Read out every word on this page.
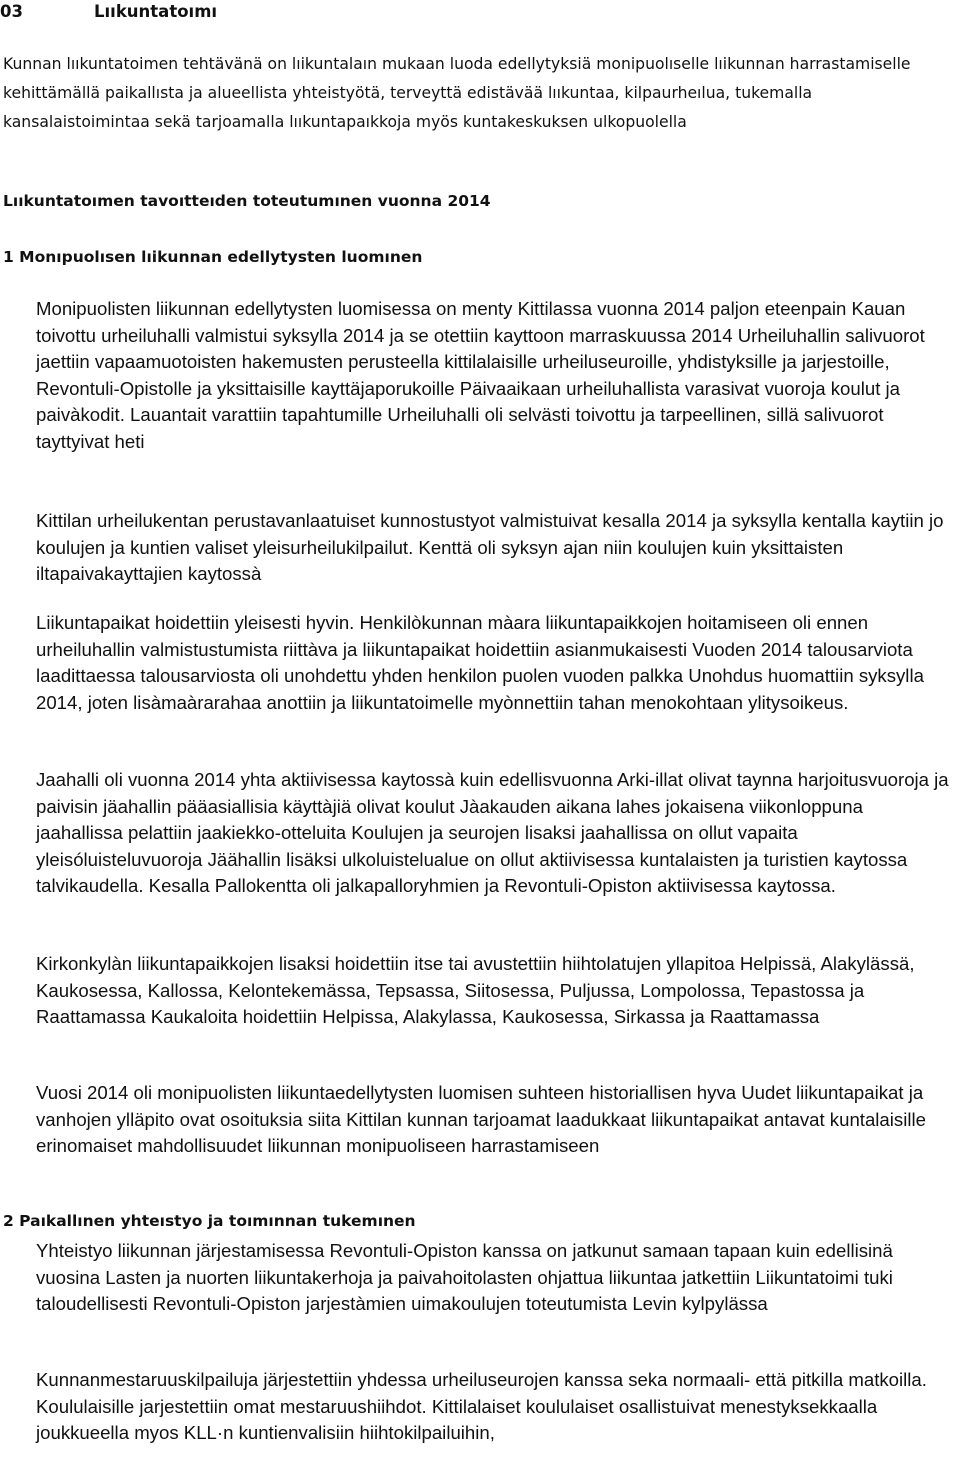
03	Lııkuntatoımı

Kunnan lııkuntatoimen tehtävänä on lıikuntalaın mukaan luoda edellytyksiä monipuolısellе lıikunnan harrastamiselle kehittämällä paikallısta ja alueellista yhteistyötä, terveyttä edistävää lııkuntaa, kilpaurheılua, tukemalla kansalaistoimintaa sekä tarjoamalla lııkuntapaıkkoja myös kuntakeskuksen ulkopuolella

Lııkuntatoımen tavoıtteıden toteutumınen vuonna 2014

1 Monıpuolısen lıikunnan edellytysten luomınen

Monipuolisten liikunnan edellytysten luomisessa on menty Kittilassa vuonna 2014 paljon eteenpain Kauan toivottu urheiluhalli valmistui syksylla 2014 ja se otettiin kayttoon marraskuussa 2014 Urheiluhallin salivuorot jaettiin vapaamuotoisten hakemusten perusteella kittilalaisille urheiluseuroille, yhdistyksille ja jarjestoille, Revontuli-Opistolle ja yksittaisille kayttäjaporukoille Päivaaikaan urheiluhallista varasivat vuoroja koulut ja paivàkodit. Lauantait varattiin tapahtumille Urheiluhalli oli selvästi toivottu ja tarpeellinen, sillä salivuorot tayttyivat heti

Kittilan urheilukentan perustavanlaatuiset kunnostustyot valmistuivat kesalla 2014 ja syksylla kentalla kaytiin jo koulujen ja kuntien valiset yleisurheilukilpailut. Kenttä oli syksyn ajan niin koulujen kuin yksittaisten iltapaivakayttajien kaytossà

Liikuntapaikat hoidettiin yleisesti hyvin. Henkilòkunnan màara liikuntapaikkojen hoitamiseen oli ennen urheiluhallin valmistustumista riittàva ja liikuntapaikat hoidettiin asianmukaisesti Vuoden 2014 talousarviota laadittaessa talousarviosta oli unohdettu yhden henkilon puolen vuoden palkka Unohdus huomattiin syksylla 2014, joten lisàmaàrarahaa anottiin ja liikuntatoimelle myònnettiin tahan menokohtaan ylitysoikeus.

Jaahalli oli vuonna 2014 yhta aktiivisessa kaytossà kuin edellisvuonna Arki-illat olivat taynna harjoitusvuoroja ja paivisin jäahallin pääasiallisia käyttàjiä olivat koulut Jàakauden aikana lahes jokaisena viikonloppuna jaahallissa pelattiin jaakiekko-otteluita Koulujen ja seurojen lisaksi jaahallissa on ollut vapaita yleisóluisteluvuoroja Jäähallin lisäksi ulkoluistelualue on ollut aktiivisessa kuntalaisten ja turistien kaytossa talvikaudella. Kesalla Pallokentta oli jalkapalloryhmien ja Revontuli-Opiston aktiivisessa kaytossa.

Kirkonkylàn liikuntapaikkojen lisaksi hoidettiin itse tai avustettiin hiihtolatujen yllapitoa Helpissä, Alakylässä, Kaukosessa, Kallossa, Kelontekemässa, Tepsassa, Siitosessa, Puljussa, Lompolossa, Tepastossa ja Raattamassa Kaukaloita hoidettiin Helpissa, Alakylassa, Kaukosessa, Sirkassa ja Raattamassa

Vuosi 2014 oli monipuolisten liikuntaedellytysten luomisen suhteen historiallisen hyva Uudet liikuntapaikat ja vanhojen ylläpito ovat osoituksia siita Kittilan kunnan tarjoamat laadukkaat liikuntapaikat antavat kuntalaisille erinomaiset mahdollisuudet liikunnan monipuoliseen harrastamiseen

2 Paıkallınen yhteıstyo ja toımınnan tukemınen

Yhteistyo liikunnan järjestamisessa Revontuli-Opiston kanssa on jatkunut samaan tapaan kuin edellisinä vuosina Lasten ja nuorten liikuntakerhoja ja paivahoitolasten ohjattua liikuntaa jatkettiin Liikuntatoimi tuki taloudellisesti Revontuli-Opiston jarjestàmien uimakoulujen toteutumista Levin kylpylässa

Kunnanmestaruuskilpailuja järjestettiin yhdessa urheiluseurojen kanssa seka normaali- että pitkilla matkoilla. Koululaisille jarjestettiin omat mestaruushiihdot. Kittilalaiset koululaiset osallistuivat menestyksekkaalla joukkueella myos KLL·n kuntienvalisiin hiihtokilpailuihin,
